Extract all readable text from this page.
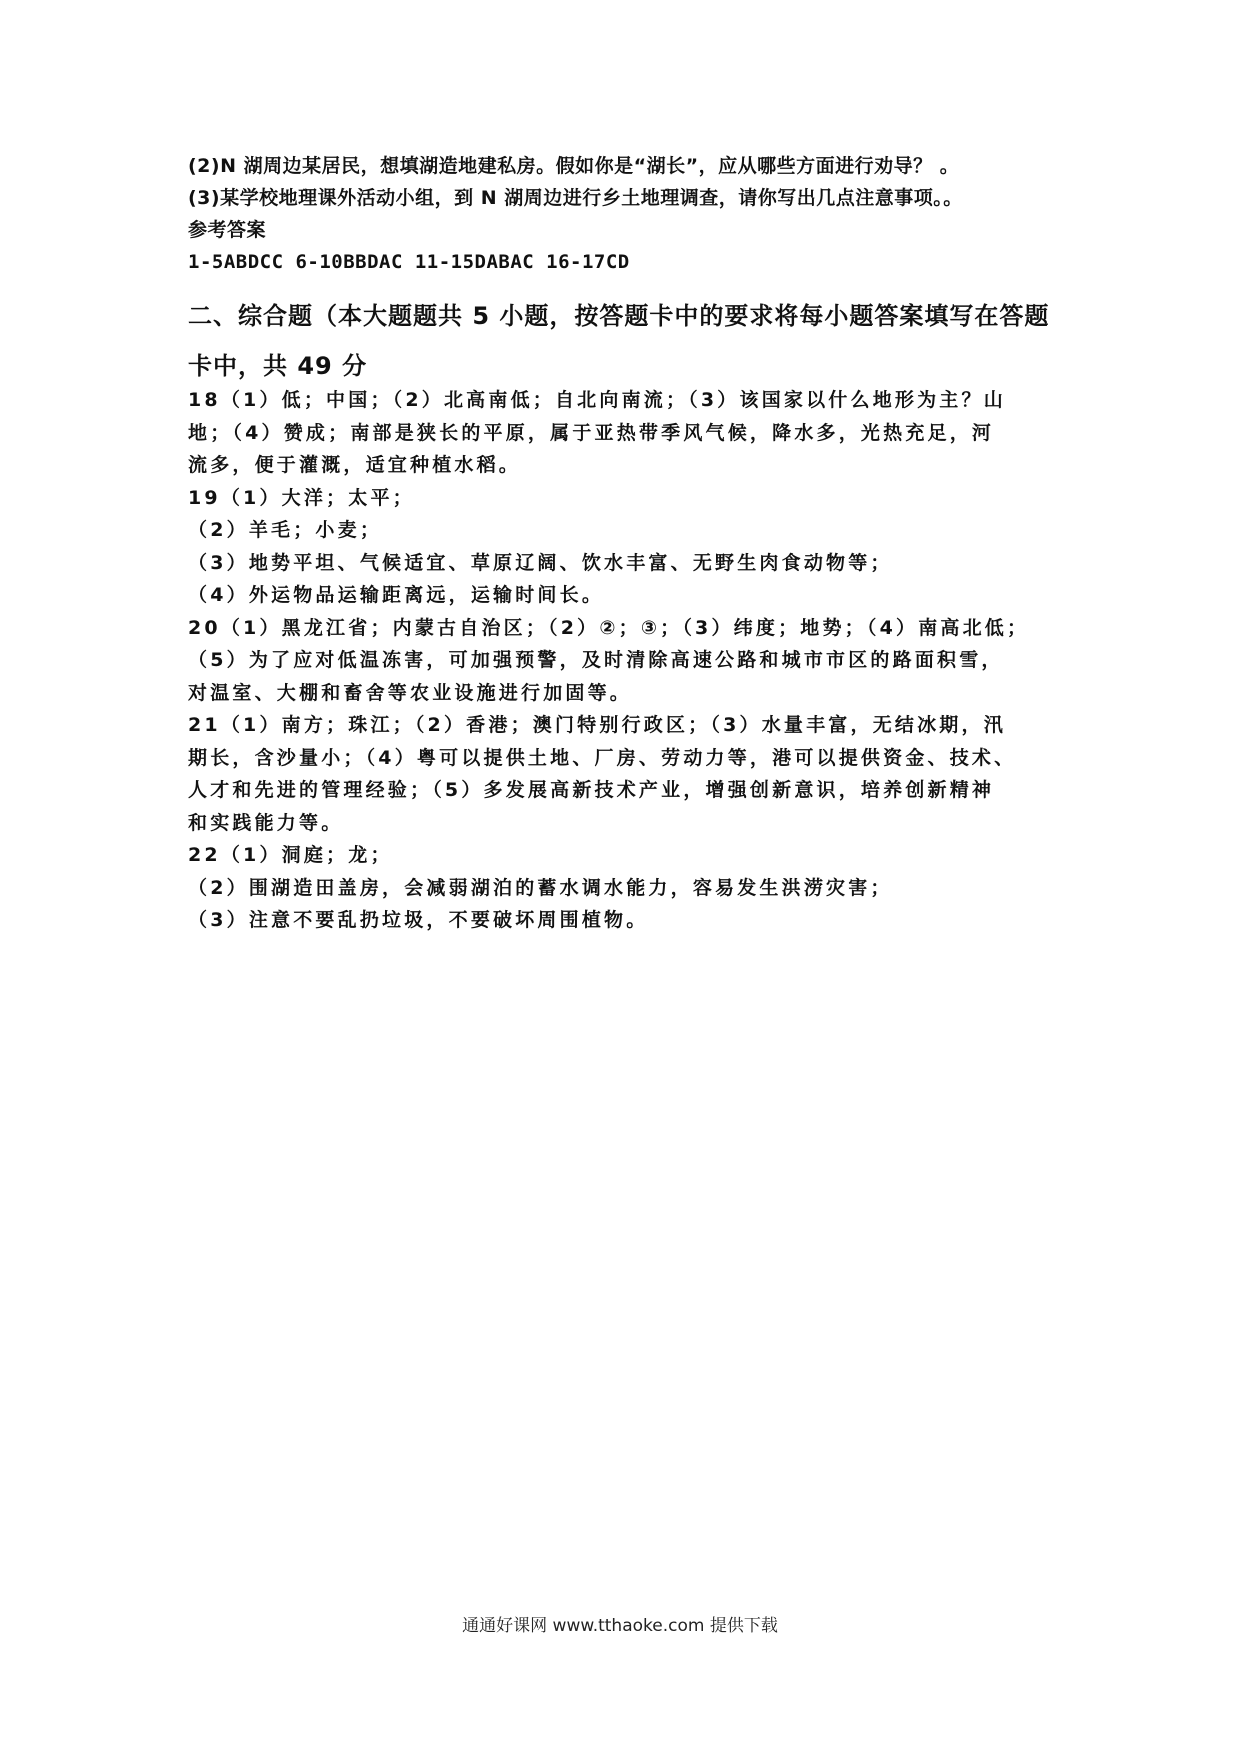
(2)N 湖周边某居民，想填湖造地建私房。假如你是“湖长”，应从哪些方面进行劝导？ 。
(3)某学校地理课外活动小组，到 N 湖周边进行乡土地理调查，请你写出几点注意事项。。
参考答案
1-5ABDCC 6-10BBDAC 11-15DABAC 16-17CD
二、综合题（本大题题共 5 小题，按答题卡中的要求将每小题答案填写在答题
卡中，共 49 分
18（1）低；中国；（2）北高南低；自北向南流；（3）该国家以什么地形为主？山
地；（4）赞成；南部是狭长的平原，属于亚热带季风气候，降水多，光热充足，河
流多，便于灌溉，适宜种植水稻。
19（1）大洋；太平；
（2）羊毛；小麦；
（3）地势平坦、气候适宜、草原辽阔、饮水丰富、无野生肉食动物等；
（4）外运物品运输距离远，运输时间长。
20（1）黑龙江省；内蒙古自治区；（2）②；③；（3）纬度；地势；（4）南高北低；
（5）为了应对低温冻害，可加强预警，及时清除高速公路和城市市区的路面积雪，
对温室、大棚和畜舍等农业设施进行加固等。
21（1）南方；珠江；（2）香港；澳门特别行政区；（3）水量丰富，无结冰期，汛
期长，含沙量小；（4）粤可以提供土地、厂房、劳动力等，港可以提供资金、技术、
人才和先进的管理经验；（5）多发展高新技术产业，增强创新意识，培养创新精神
和实践能力等。
22（1）洞庭；龙；
（2）围湖造田盖房，会减弱湖泊的蓄水调水能力，容易发生洪涝灾害；
（3）注意不要乱扔垃圾，不要破坏周围植物。
通通好课网 www.tthaoke.com 提供下载
